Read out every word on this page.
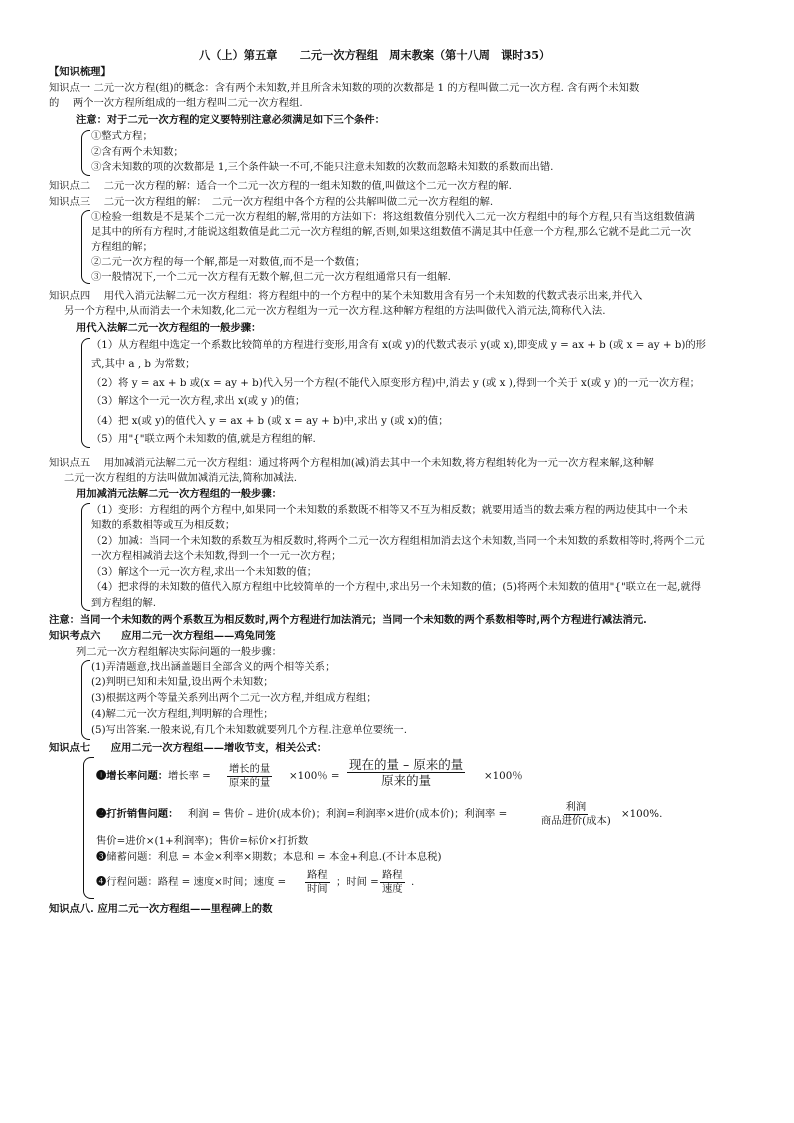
八（上）第五章　　二元一次方程组　周末教案（第十八周　课时35）
【知识梳理】
知识点一 二元一次方程(组)的概念：含有两个未知数,并且所含未知数的项的次数都是 1 的方程叫做二元一次方程. 含有两个未知数
的　 两个一次方程所组成的一组方程叫二元一次方程组.
注意：对于二元一次方程的定义要特别注意必须满足如下三个条件：
①整式方程；
②含有两个未知数；
③含未知数的项的次数都是 1,三个条件缺一不可,不能只注意未知数的次数而忽略未知数的系数而出错.
知识点二　 二元一次方程的解：适合一个二元一次方程的一组未知数的值,叫做这个二元一次方程的解.
知识点三　 二元一次方程组的解：　二元一次方程组中各个方程的公共解叫做二元一次方程组的解.
①检验一组数是不是某个二元一次方程组的解,常用的方法如下：将这组数值分别代入二元一次方程组中的每个方程,只有当这组数值满
足其中的所有方程时,才能说这组数值是此二元一次方程组的解,否则,如果这组数值不满足其中任意一个方程,那么它就不是此二元一次
方程组的解；
②二元一次方程的每一个解,都是一对数值,而不是一个数值；
③一般情况下,一个二元一次方程有无数个解,但二元一次方程组通常只有一组解.
知识点四　 用代入消元法解二元一次方程组：将方程组中的一个方程中的某个未知数用含有另一个未知数的代数式表示出来,并代入
另一个方程中,从而消去一个未知数,化二元一次方程组为一元一次方程.这种解方程组的方法叫做代入消元法,简称代入法.
用代入法解二元一次方程组的一般步骤：
（1）从方程组中选定一个系数比较简单的方程进行变形,用含有 x(或 y)的代数式表示 y(或 x),即变成 y = ax + b (或 x = ay + b)的形
式,其中 a , b 为常数；
（2）将 y = ax + b 或(x = ay + b)代入另一个方程(不能代入原变形方程)中,消去 y (或 x ),得到一个关于 x(或 y )的一元一次方程；
（3）解这个一元一次方程,求出 x(或 y )的值；
（4）把 x(或 y)的值代入 y = ax + b (或 x = ay + b)中,求出 y (或 x)的值；
（5）用"{"联立两个未知数的值,就是方程组的解.
知识点五　 用加减消元法解二元一次方程组：通过将两个方程相加(减)消去其中一个未知数,将方程组转化为一元一次方程来解,这种解
二元一次方程组的方法叫做加减消元法,简称加减法.
用加减消元法解二元一次方程组的一般步骤：
（1）变形：方程组的两个方程中,如果同一个未知数的系数既不相等又不互为相反数；就要用适当的数去乘方程的两边使其中一个未
知数的系数相等或互为相反数；
（2）加减：当同一个未知数的系数互为相反数时,将两个二元一次方程组相加消去这个未知数,当同一个未知数的系数相等时,将两个二元
一次方程相减消去这个未知数,得到一个一元一次方程；
（3）解这个一元一次方程,求出一个未知数的值；
（4）把求得的未知数的值代入原方程组中比较简单的一个方程中,求出另一个未知数的值；(5)将两个未知数的值用"{"联立在一起,就得
到方程组的解.
注意：当同一个未知数的两个系数互为相反数时,两个方程进行加法消元；当同一个未知数的两个系数相等时,两个方程进行减法消元.
知识考点六　　应用二元一次方程组——鸡兔同笼
列二元一次方程组解决实际问题的一般步骤：
(1)弄清题意,找出涵盖题目全部含义的两个相等关系；
(2)判明已知和未知量,设出两个未知数；
(3)根据这两个等量关系列出两个二元一次方程,并组成方程组；
(4)解二元一次方程组,判明解的合理性；
(5)写出答案.一般来说,有几个未知数就要列几个方程.注意单位要统一.
知识点七　　应用二元一次方程组——增收节支，相关公式：
❶增长率问题： 增长率 =
增长的量
原来的量
×100％ =
现在的量 – 原来的量
原来的量	×100％
❷打折销售问题： 利润 = 售价 – 进价(成本价)；利润=利润率×进价(成本价)；利润率 =
利润
商品进价(成本)
×100%.
售价=进价×(1+利润率)；售价=标价×打折数
❸储蓄问题：利息 = 本金×利率×期数；本息和 = 本金+利息.(不计本息税)
❹行程问题：路程 = 速度×时间；速度 =
路程
时间
；时间 =
路程
速度
.
知识点八. 应用二元一次方程组——里程碑上的数
